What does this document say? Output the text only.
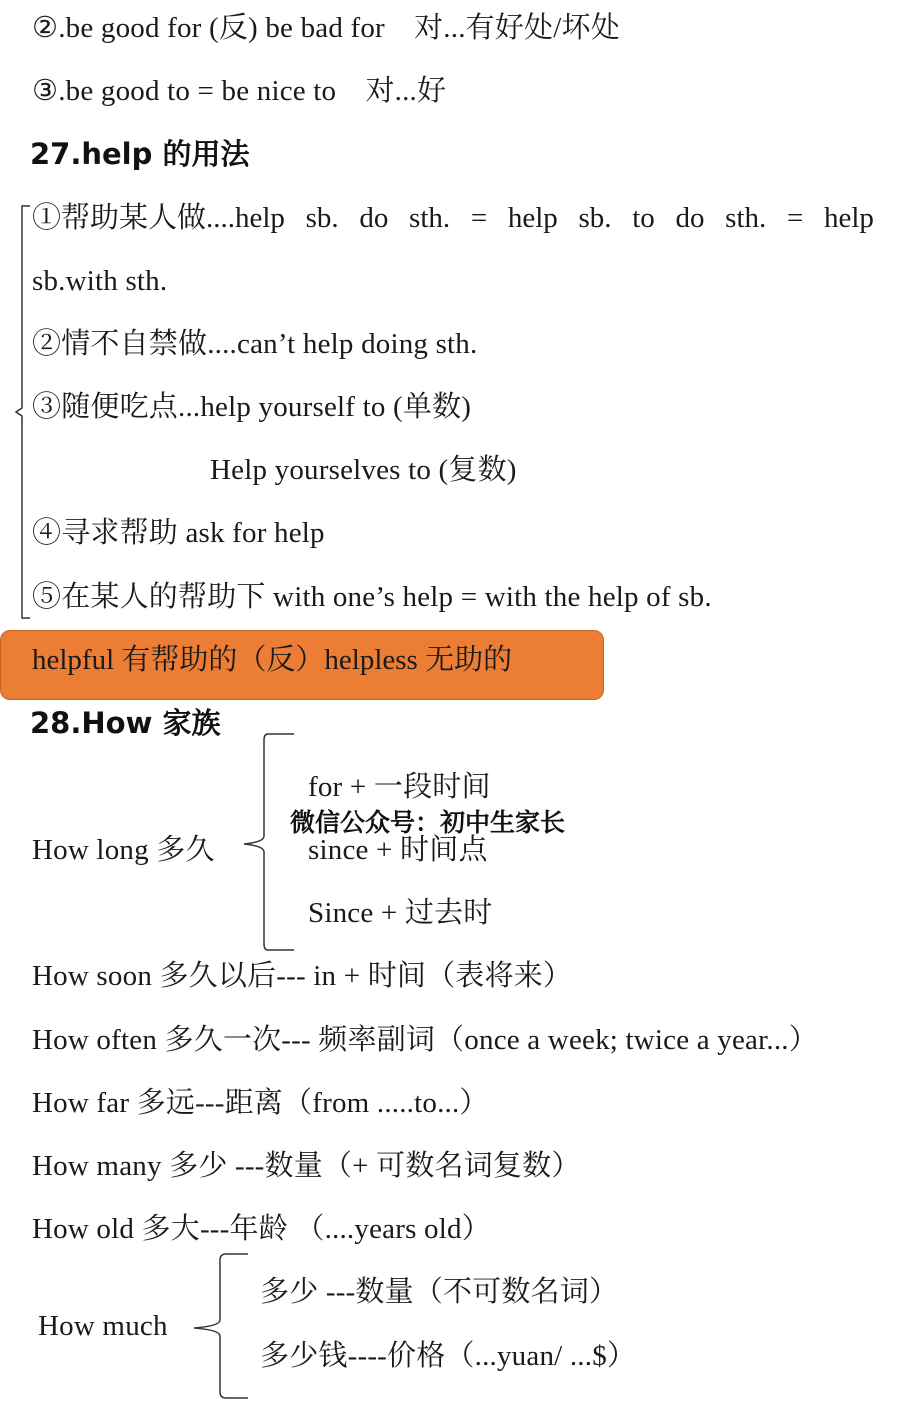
②.be good for (反) be bad for　对...有好处/坏处
③.be good to = be nice to　对...好
27.help 的用法
①帮助某人做....help sb. do sth. = help sb. to do sth. = help
sb.with sth.
②情不自禁做....can’t help doing sth.
③随便吃点...help yourself to (单数)
Help yourselves to (复数)
④寻求帮助 ask for help
⑤在某人的帮助下 with one’s help = with the help of sb.
helpful 有帮助的（反）helpless 无助的
28.How 家族
How long 多久
for + 一段时间
since + 时间点
Since + 过去时
How soon 多久以后--- in + 时间（表将来）
How often 多久一次--- 频率副词（once a week; twice a year...）
How far 多远---距离（from .....to...）
How many 多少 ---数量（+ 可数名词复数）
How old 多大---年龄 （....years old）
How much
多少 ---数量（不可数名词）
多少钱----价格（...yuan/ ...$）
微信公众号：初中生家长
